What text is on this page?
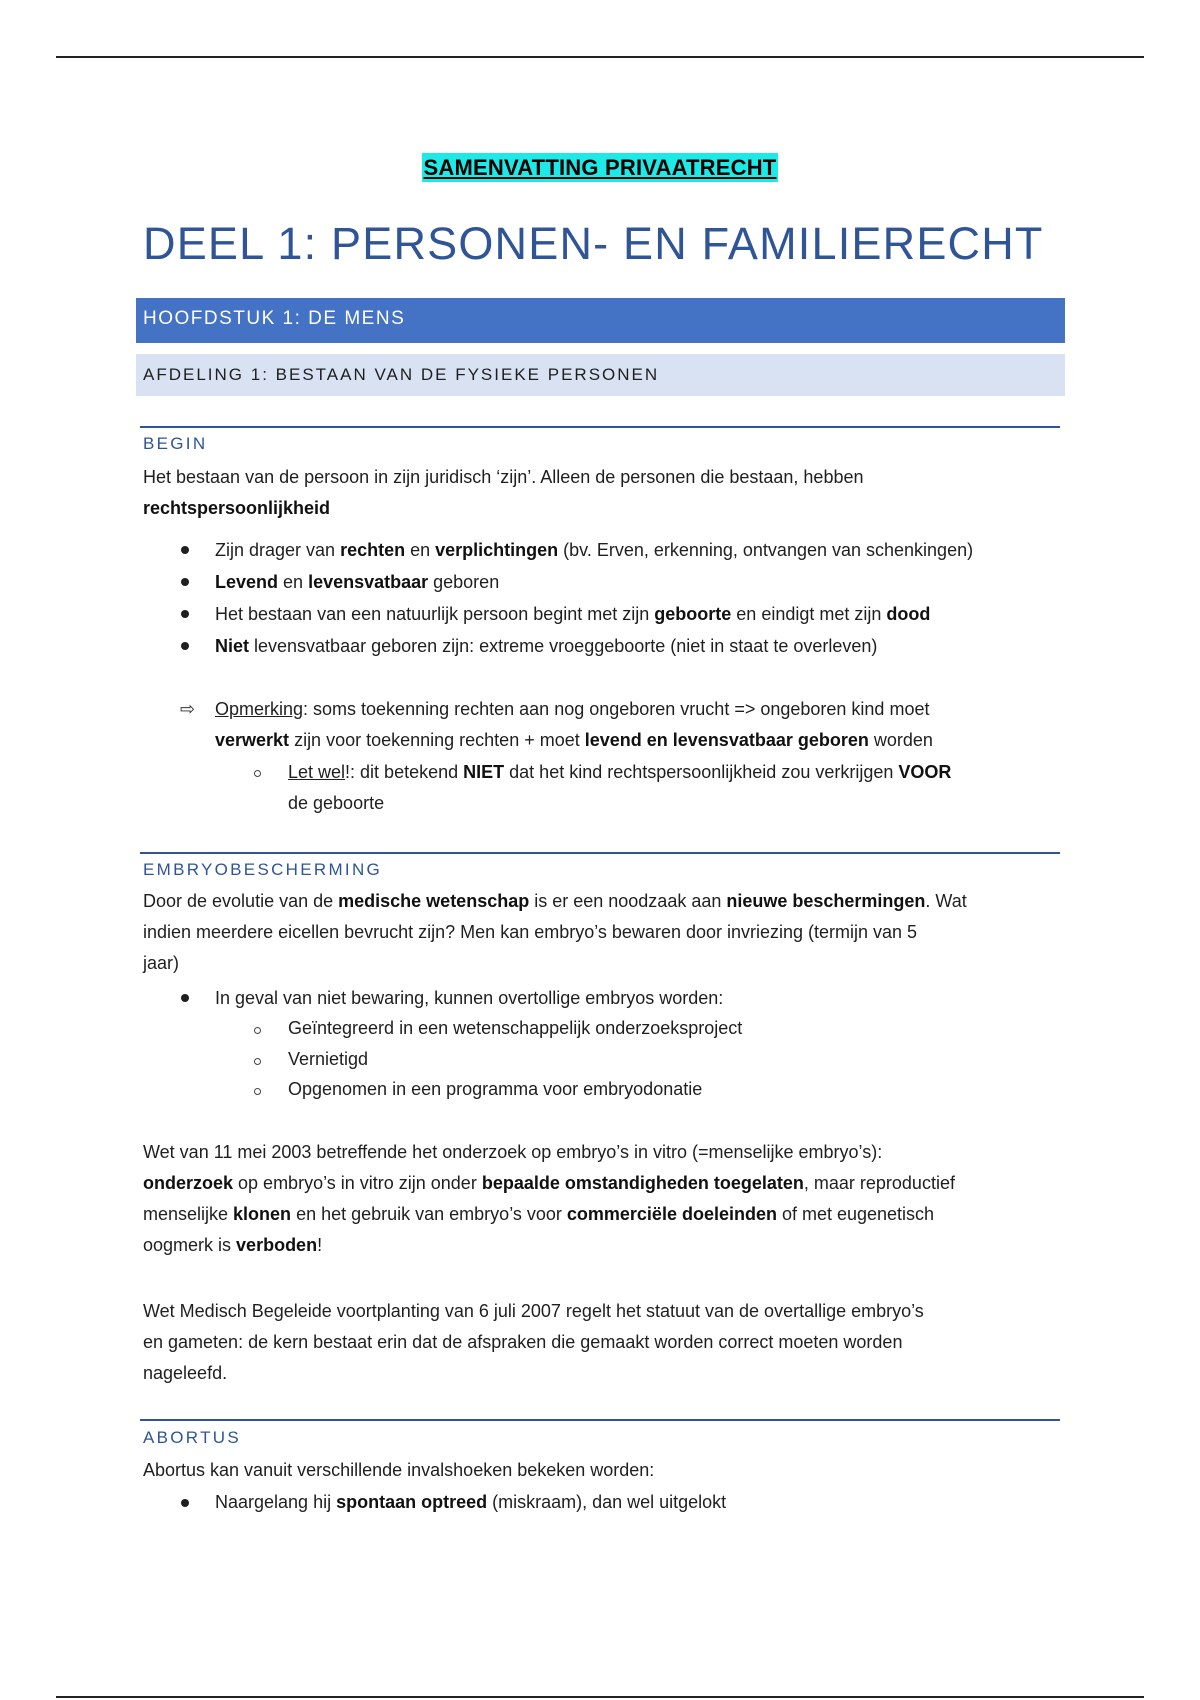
SAMENVATTING PRIVAATRECHT
DEEL 1: PERSONEN- EN FAMILIERECHT
HOOFDSTUK 1: DE MENS
AFDELING 1: BESTAAN VAN DE FYSIEKE PERSONEN
BEGIN
Het bestaan van de persoon in zijn juridisch ‘zijn’. Alleen de personen die bestaan, hebben
rechtspersoonlijkheid
Zijn drager van rechten en verplichtingen (bv. Erven, erkenning, ontvangen van schenkingen)
Levend en levensvatbaar geboren
Het bestaan van een natuurlijk persoon begint met zijn geboorte en eindigt met zijn dood
Niet levensvatbaar geboren zijn: extreme vroeggeboorte (niet in staat te overleven)
⇨ Opmerking: soms toekenning rechten aan nog ongeboren vrucht => ongeboren kind moet
verwerkt zijn voor toekenning rechten + moet levend en levensvatbaar geboren worden
Let wel!: dit betekend NIET dat het kind rechtspersoonlijkheid zou verkrijgen VOOR
de geboorte
EMBRYOBESCHERMING
Door de evolutie van de medische wetenschap is er een noodzaak aan nieuwe beschermingen. Wat
indien meerdere eicellen bevrucht zijn? Men kan embryo’s bewaren door invriezing (termijn van 5
jaar)
In geval van niet bewaring, kunnen overtollige embryos worden:
Geïntegreerd in een wetenschappelijk onderzoeksproject
Vernietigd
Opgenomen in een programma voor embryodonatie
Wet van 11 mei 2003 betreffende het onderzoek op embryo’s in vitro (=menselijke embryo’s):
onderzoek op embryo’s in vitro zijn onder bepaalde omstandigheden toegelaten, maar reproductief
menselijke klonen en het gebruik van embryo’s voor commerciële doeleinden of met eugenetisch
oogmerk is verboden!
Wet Medisch Begeleide voortplanting van 6 juli 2007 regelt het statuut van de overtallige embryo’s
en gameten: de kern bestaat erin dat de afspraken die gemaakt worden correct moeten worden
nageleefd.
ABORTUS
Abortus kan vanuit verschillende invalshoeken bekeken worden:
Naargelang hij spontaan optreed (miskraam), dan wel uitgelokt
